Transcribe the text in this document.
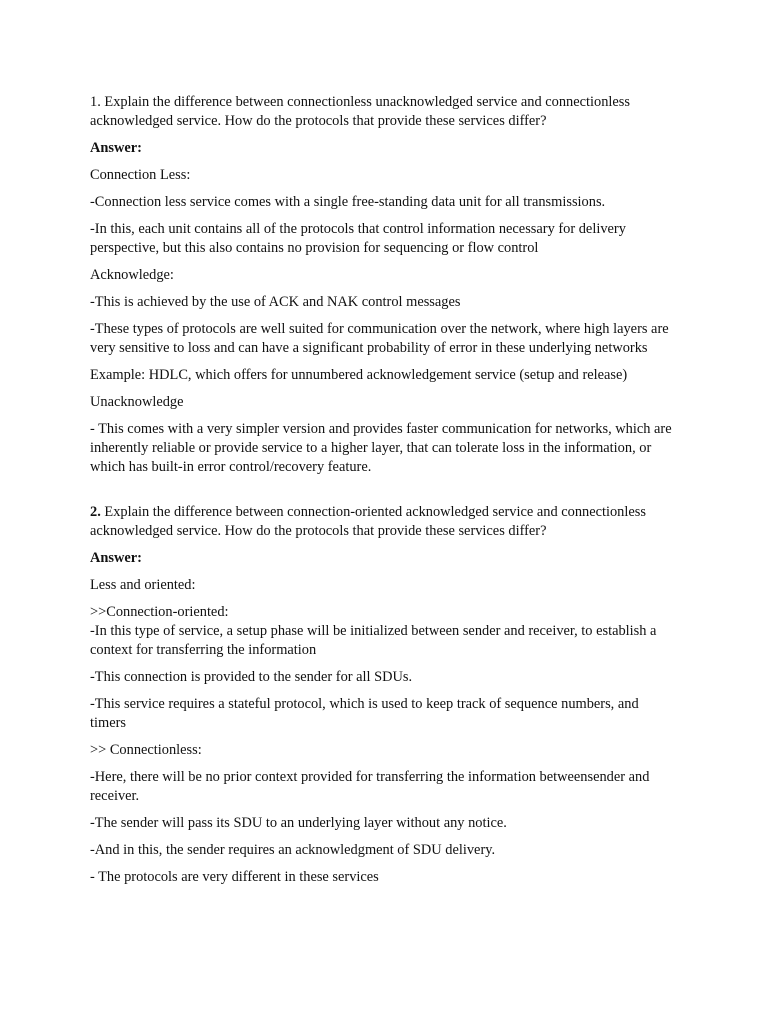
1. Explain the difference between connectionless unacknowledged service and connectionless acknowledged service. How do the protocols that provide these services differ?

Answer:

Connection Less:

-Connection less service comes with a single free-standing data unit for all transmissions.

-In this, each unit contains all of the protocols that control information necessary for delivery perspective, but this also contains no provision for sequencing or flow control

Acknowledge:

-This is achieved by the use of ACK and NAK control messages

-These types of protocols are well suited for communication over the network, where high layers are very sensitive to loss and can have a significant probability of error in these underlying networks

Example: HDLC, which offers for unnumbered acknowledgement service (setup and release)

Unacknowledge

- This comes with a very simpler version and provides faster communication for networks, which are inherently reliable or provide service to a higher layer, that can tolerate loss in the information, or which has built-in error control/recovery feature.

2. Explain the difference between connection-oriented acknowledged service and connectionless acknowledged service. How do the protocols that provide these services differ?

Answer:

Less and oriented:

>>Connection-oriented:

-In this type of service, a setup phase will be initialized between sender and receiver, to establish a context for transferring the information

-This connection is provided to the sender for all SDUs.

-This service requires a stateful protocol, which is used to keep track of sequence numbers, and timers

>> Connectionless:

-Here, there will be no prior context provided for transferring the information betweensender and receiver.

-The sender will pass its SDU to an underlying layer without any notice.

-And in this, the sender requires an acknowledgment of SDU delivery.

- The protocols are very different in these services
